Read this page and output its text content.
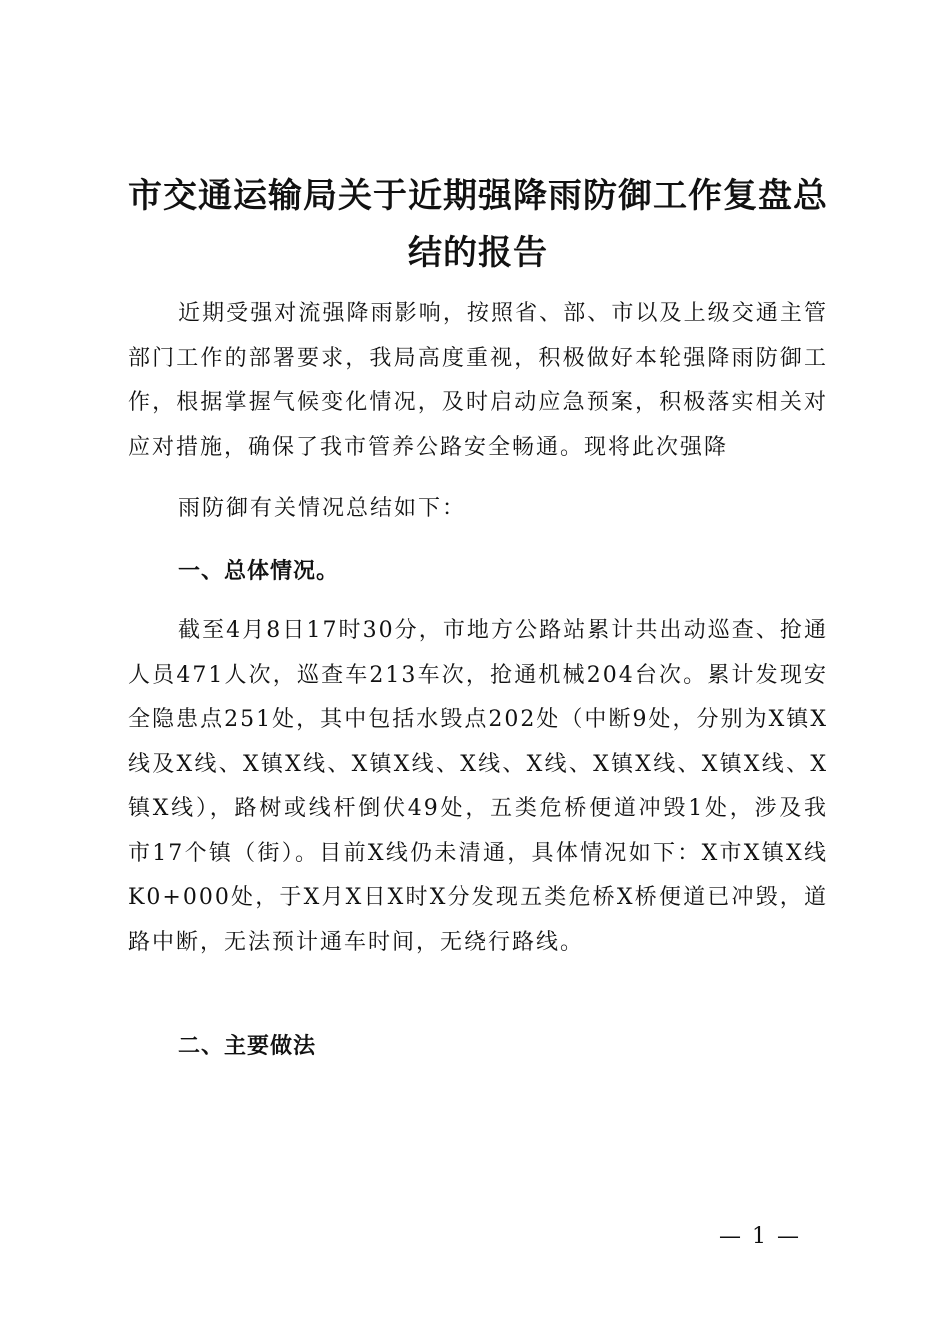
市交通运输局关于近期强降雨防御工作复盘总结的报告

近期受强对流强降雨影响，按照省、部、市以及上级交通主管部门工作的部署要求，我局高度重视，积极做好本轮强降雨防御工作，根据掌握气候变化情况，及时启动应急预案，积极落实相关对应对措施，确保了我市管养公路安全畅通。现将此次强降

雨防御有关情况总结如下：

一、总体情况。

截至4月8日17时30分，市地方公路站累计共出动巡查、抢通人员471人次，巡查车213车次，抢通机械204台次。累计发现安全隐患点251处，其中包括水毁点202处（中断9处，分别为X镇X线及X线、X镇X线、X镇X线、X线、X线、X镇X线、X镇X线、X镇X线），路树或线杆倒伏49处，五类危桥便道冲毁1处，涉及我市17个镇（街）。目前X线仍未清通，具体情况如下：X市X镇X线K0+000处，于X月X日X时X分发现五类危桥X桥便道已冲毁，道路中断，无法预计通车时间，无绕行路线。

二、主要做法
— 1 —
